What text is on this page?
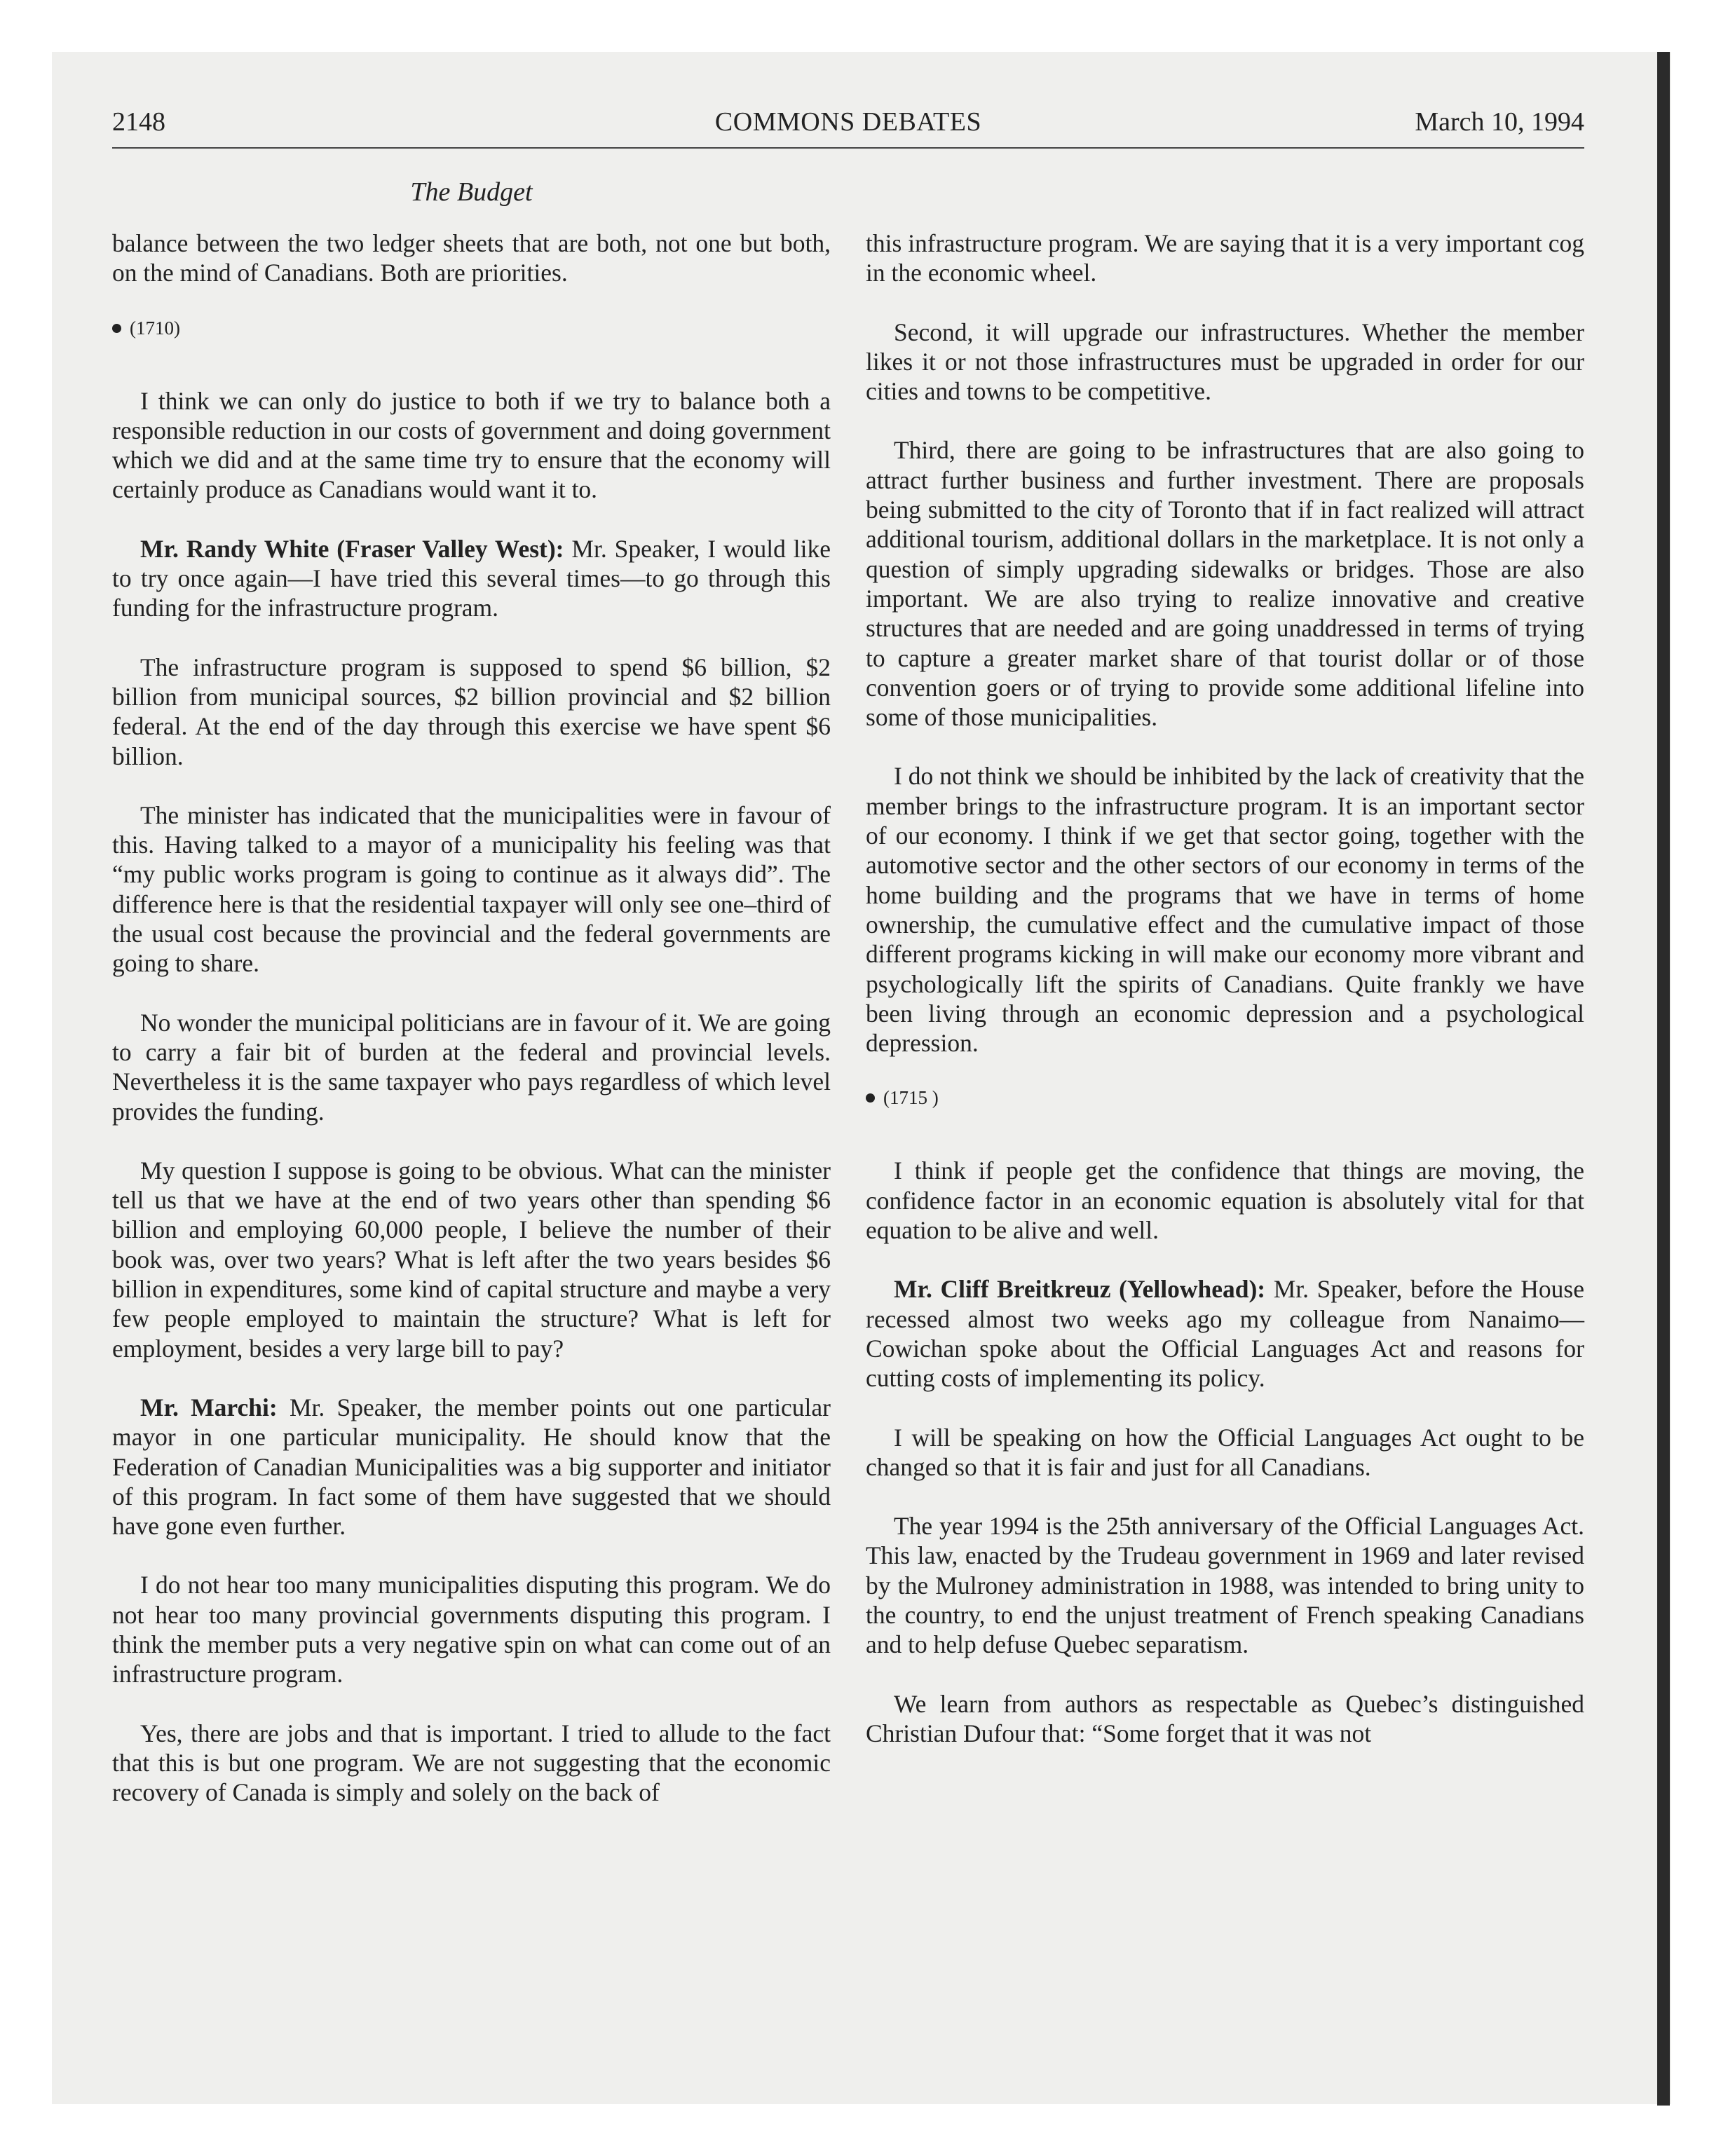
2148	COMMONS DEBATES	March 10, 1994
The Budget

balance between the two ledger sheets that are both, not one but both, on the mind of Canadians. Both are priorities.

(1710)

I think we can only do justice to both if we try to balance both a responsible reduction in our costs of government and doing government which we did and at the same time try to ensure that the economy will certainly produce as Canadians would want it to.

Mr. Randy White (Fraser Valley West): Mr. Speaker, I would like to try once again—I have tried this several times—to go through this funding for the infrastructure program.

The infrastructure program is supposed to spend $6 billion, $2 billion from municipal sources, $2 billion provincial and $2 billion federal. At the end of the day through this exercise we have spent $6 billion.

The minister has indicated that the municipalities were in favour of this. Having talked to a mayor of a municipality his feeling was that “my public works program is going to continue as it always did”. The difference here is that the residential taxpayer will only see one–third of the usual cost because the provincial and the federal governments are going to share.

No wonder the municipal politicians are in favour of it. We are going to carry a fair bit of burden at the federal and provincial levels. Nevertheless it is the same taxpayer who pays regardless of which level provides the funding.

My question I suppose is going to be obvious. What can the minister tell us that we have at the end of two years other than spending $6 billion and employing 60,000 people, I believe the number of their book was, over two years? What is left after the two years besides $6 billion in expenditures, some kind of capital structure and maybe a very few people employed to maintain the structure? What is left for employment, besides a very large bill to pay?

Mr. Marchi: Mr. Speaker, the member points out one particular mayor in one particular municipality. He should know that the Federation of Canadian Municipalities was a big supporter and initiator of this program. In fact some of them have suggested that we should have gone even further.

I do not hear too many municipalities disputing this program. We do not hear too many provincial governments disputing this program. I think the member puts a very negative spin on what can come out of an infrastructure program.

Yes, there are jobs and that is important. I tried to allude to the fact that this is but one program. We are not suggesting that the economic recovery of Canada is simply and solely on the back of

this infrastructure program. We are saying that it is a very important cog in the economic wheel.

Second, it will upgrade our infrastructures. Whether the member likes it or not those infrastructures must be upgraded in order for our cities and towns to be competitive.

Third, there are going to be infrastructures that are also going to attract further business and further investment. There are proposals being submitted to the city of Toronto that if in fact realized will attract additional tourism, additional dollars in the marketplace. It is not only a question of simply upgrading sidewalks or bridges. Those are also important. We are also trying to realize innovative and creative structures that are needed and are going unaddressed in terms of trying to capture a greater market share of that tourist dollar or of those convention goers or of trying to provide some additional lifeline into some of those municipalities.

I do not think we should be inhibited by the lack of creativity that the member brings to the infrastructure program. It is an important sector of our economy. I think if we get that sector going, together with the automotive sector and the other sectors of our economy in terms of the home building and the programs that we have in terms of home ownership, the cumulative effect and the cumulative impact of those different programs kicking in will make our economy more vibrant and psychologically lift the spirits of Canadians. Quite frankly we have been living through an economic depression and a psychological depression.

(1715 )

I think if people get the confidence that things are moving, the confidence factor in an economic equation is absolutely vital for that equation to be alive and well.

Mr. Cliff Breitkreuz (Yellowhead): Mr. Speaker, before the House recessed almost two weeks ago my colleague from Nanaimo—Cowichan spoke about the Official Languages Act and reasons for cutting costs of implementing its policy.

I will be speaking on how the Official Languages Act ought to be changed so that it is fair and just for all Canadians.

The year 1994 is the 25th anniversary of the Official Languages Act. This law, enacted by the Trudeau government in 1969 and later revised by the Mulroney administration in 1988, was intended to bring unity to the country, to end the unjust treatment of French speaking Canadians and to help defuse Quebec separatism.

We learn from authors as respectable as Quebec’s distinguished Christian Dufour that: “Some forget that it was not
